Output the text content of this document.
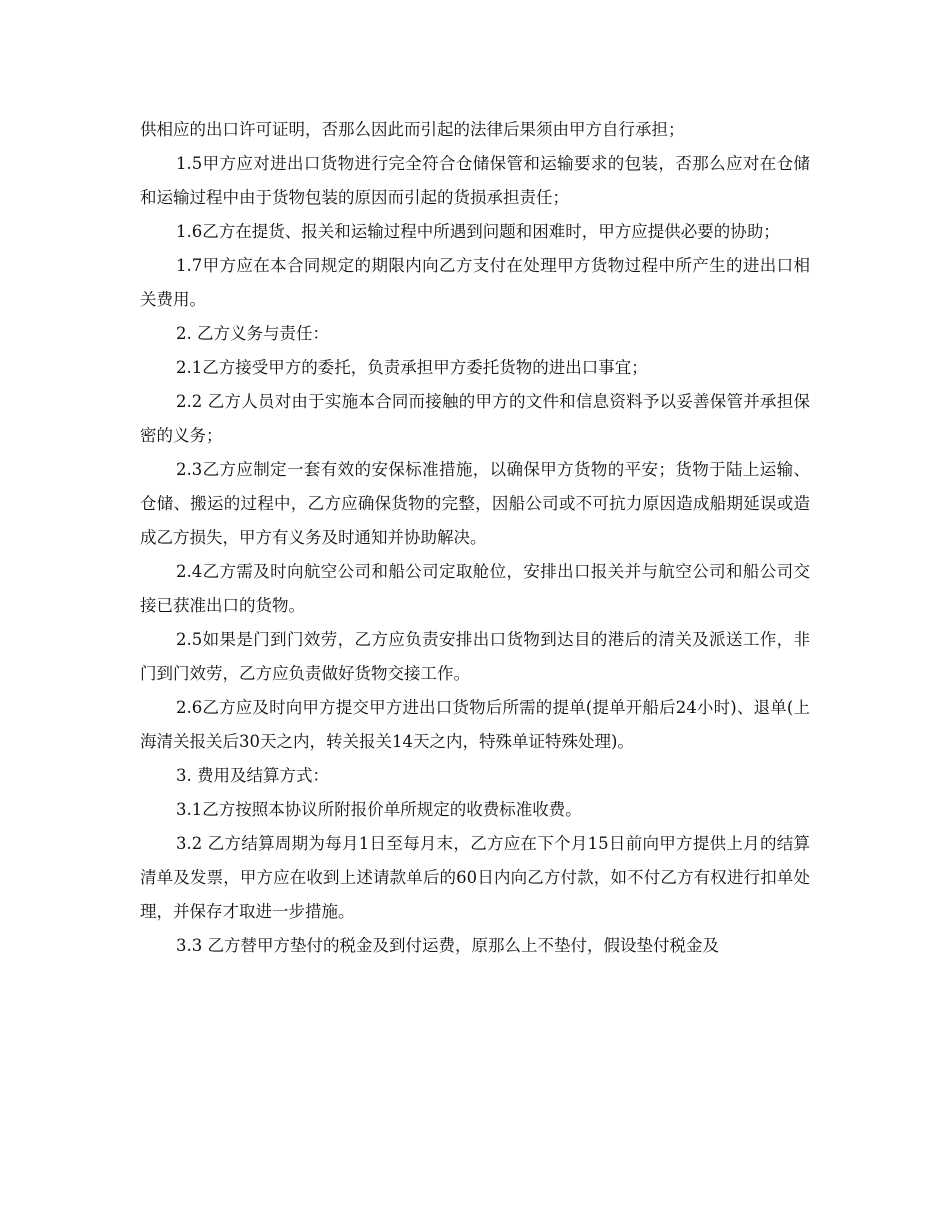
供相应的出口许可证明，否那么因此而引起的法律后果须由甲方自行承担；

1.5甲方应对进出口货物进行完全符合仓储保管和运输要求的包装，否那么应对在仓储和运输过程中由于货物包装的原因而引起的货损承担责任；

1.6乙方在提货、报关和运输过程中所遇到问题和困难时，甲方应提供必要的协助；

1.7甲方应在本合同规定的期限内向乙方支付在处理甲方货物过程中所产生的进出口相关费用。

2. 乙方义务与责任：

2.1乙方接受甲方的委托，负责承担甲方委托货物的进出口事宜；

2.2 乙方人员对由于实施本合同而接触的甲方的文件和信息资料予以妥善保管并承担保密的义务；

2.3乙方应制定一套有效的安保标准措施，以确保甲方货物的平安；货物于陆上运输、仓储、搬运的过程中，乙方应确保货物的完整，因船公司或不可抗力原因造成船期延误或造成乙方损失，甲方有义务及时通知并协助解决。

2.4乙方需及时向航空公司和船公司定取舱位，安排出口报关并与航空公司和船公司交接已获准出口的货物。

2.5如果是门到门效劳，乙方应负责安排出口货物到达目的港后的清关及派送工作，非门到门效劳，乙方应负责做好货物交接工作。

2.6乙方应及时向甲方提交甲方进出口货物后所需的提单(提单开船后24小时)、退单(上海清关报关后30天之内，转关报关14天之内，特殊单证特殊处理)。

3. 费用及结算方式：

3.1乙方按照本协议所附报价单所规定的收费标准收费。

3.2 乙方结算周期为每月1日至每月末，乙方应在下个月15日前向甲方提供上月的结算清单及发票，甲方应在收到上述请款单后的60日内向乙方付款，如不付乙方有权进行扣单处理，并保存才取进一步措施。

3.3 乙方替甲方垫付的税金及到付运费，原那么上不垫付，假设垫付税金及
